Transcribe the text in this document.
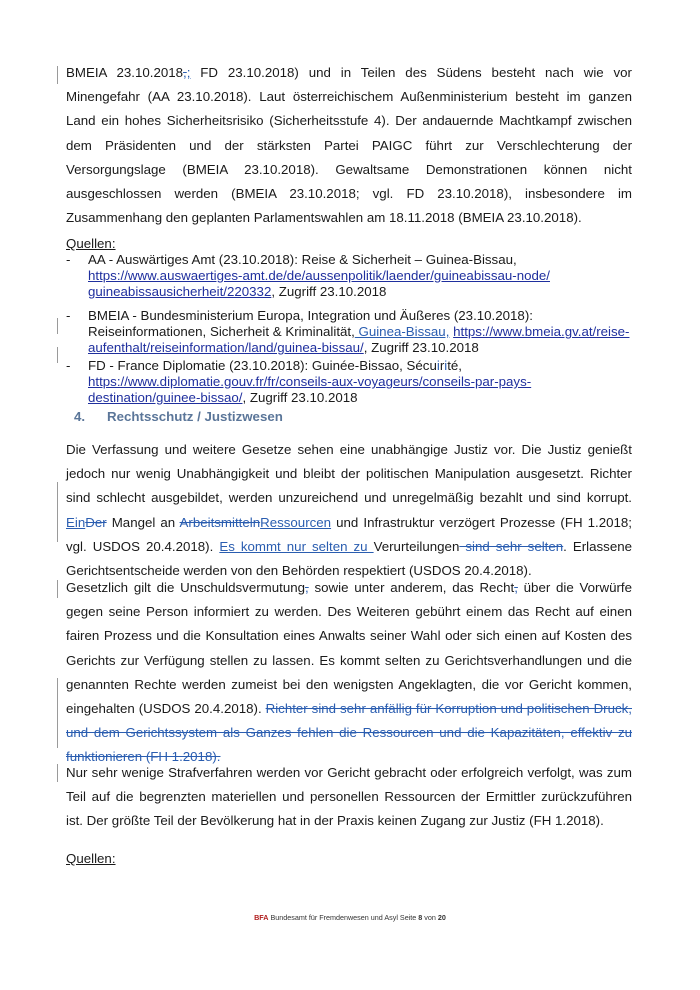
BMEIA 23.10.2018,; FD 23.10.2018) und in Teilen des Südens besteht nach wie vor Minengefahr (AA 23.10.2018). Laut österreichischem Außenministerium besteht im ganzen Land ein hohes Sicherheitsrisiko (Sicherheitsstufe 4). Der andauernde Machtkampf zwischen dem Präsidenten und der stärksten Partei PAIGC führt zur Verschlechterung der Versorgungslage (BMEIA 23.10.2018). Gewaltsame Demonstrationen können nicht ausgeschlossen werden (BMEIA 23.10.2018; vgl. FD 23.10.2018), insbesondere im Zusammenhang den geplanten Parlamentswahlen am 18.11.2018 (BMEIA 23.10.2018).
Quellen:
- AA - Auswärtiges Amt (23.10.2018): Reise & Sicherheit – Guinea-Bissau, https://www.auswaertiges-amt.de/de/aussenpolitik/laender/guineabissau-node/ guineabissausicherheit/220332, Zugriff 23.10.2018
- BMEIA - Bundesministerium Europa, Integration und Äußeres (23.10.2018): Reiseinformationen, Sicherheit & Kriminalität, Guinea-Bissau, https://www.bmeia.gv.at/reise-aufenthalt/reiseinformation/land/guinea-bissau/, Zugriff 23.10.2018
- FD - France Diplomatie (23.10.2018): Guinée-Bissao, Sécuirité, https://www.diplomatie.gouv.fr/fr/conseils-aux-voyageurs/conseils-par-pays-destination/guinee-bissao/, Zugriff 23.10.2018
4. Rechtsschutz / Justizwesen
Die Verfassung und weitere Gesetze sehen eine unabhängige Justiz vor. Die Justiz genießt jedoch nur wenig Unabhängigkeit und bleibt der politischen Manipulation ausgesetzt. Richter sind schlecht ausgebildet, werden unzureichend und unregelmäßig bezahlt und sind korrupt. EinDer Mangel an ArbeitsmittelnRessourcen und Infrastruktur verzögert Prozesse (FH 1.2018; vgl. USDOS 20.4.2018). Es kommt nur selten zu Verurteilungen sind sehr selten. Erlassene Gerichtsentscheide werden von den Behörden respektiert (USDOS 20.4.2018).
Gesetzlich gilt die Unschuldsvermutung, sowie unter anderem, das Recht, über die Vorwürfe gegen seine Person informiert zu werden. Des Weiteren gebührt einem das Recht auf einen fairen Prozess und die Konsultation eines Anwalts seiner Wahl oder sich einen auf Kosten des Gerichts zur Verfügung stellen zu lassen. Es kommt selten zu Gerichtsverhandlungen und die genannten Rechte werden zumeist bei den wenigsten Angeklagten, die vor Gericht kommen, eingehalten (USDOS 20.4.2018). Richter sind sehr anfällig für Korruption und politischen Druck, und dem Gerichtssystem als Ganzes fehlen die Ressourcen und die Kapazitäten, effektiv zu funktionieren (FH 1.2018).
Nur sehr wenige Strafverfahren werden vor Gericht gebracht oder erfolgreich verfolgt, was zum Teil auf die begrenzten materiellen und personellen Ressourcen der Ermittler zurückzuführen ist. Der größte Teil der Bevölkerung hat in der Praxis keinen Zugang zur Justiz (FH 1.2018).
Quellen:
BFA Bundesamt für Fremdenwesen und Asyl Seite 8 von 20
